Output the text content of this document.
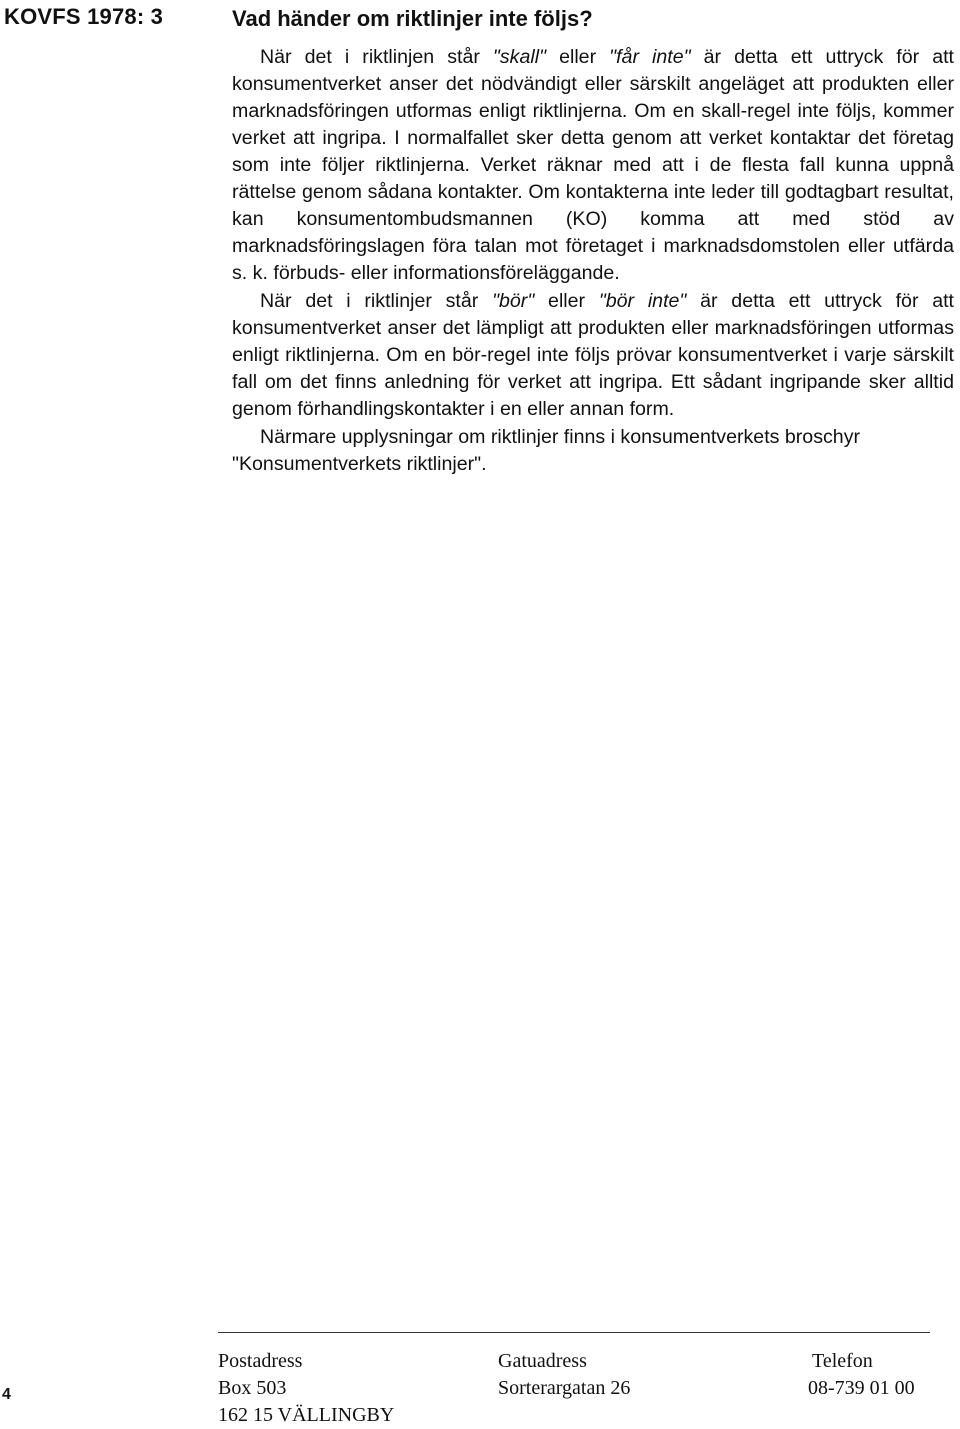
KOVFS 1978: 3	Vad händer om riktlinjer inte följs?

När det i riktlinjen står "skall" eller "får inte" är detta ett uttryck för att konsumentverket anser det nödvändigt eller särskilt angeläget att produkten eller marknadsföringen utformas enligt riktlinjerna. Om en skall-regel inte följs, kommer verket att ingripa. I normalfallet sker detta genom att verket kontaktar det företag som inte följer riktlinjerna. Verket räknar med att i de flesta fall kunna uppnå rättelse genom sådana kontakter. Om kontakterna inte leder till godtagbart resultat, kan konsumentombudsmannen (KO) komma att med stöd av marknadsföringslagen föra talan mot företaget i marknadsdomstolen eller utfärda s. k. förbuds- eller informationsföreläggande.

När det i riktlinjer står "bör" eller "bör inte" är detta ett uttryck för att konsumentverket anser det lämpligt att produkten eller marknadsföringen utformas enligt riktlinjerna. Om en bör-regel inte följs prövar konsumentverket i varje särskilt fall om det finns anledning för verket att ingripa. Ett sådant ingripande sker alltid genom förhandlingskontakter i en eller annan form.

Närmare upplysningar om riktlinjer finns i konsumentverkets broschyr "Konsumentverkets riktlinjer".

Postadress
Box 503
162 15 VÄLLINGBY
Gatuadress
Sorterargatan 26
Telefon
08-739 01 00
4
